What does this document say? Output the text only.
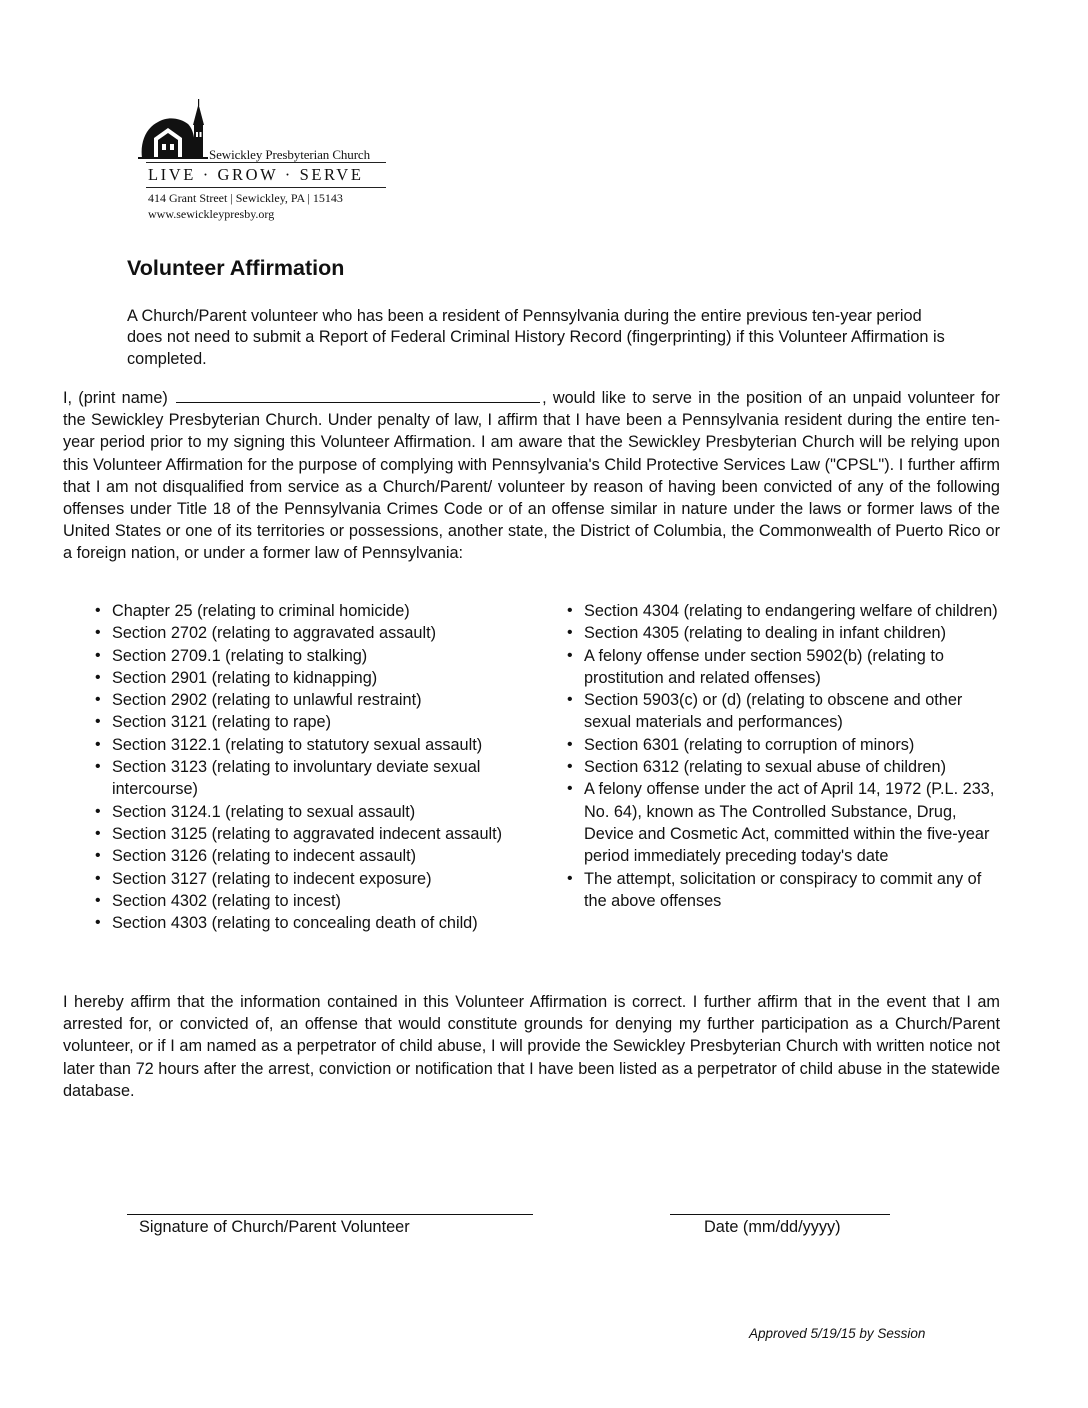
Sewickley Presbyterian Church
LIVE · GROW · SERVE
414 Grant Street | Sewickley, PA | 15143
www.sewickleypresby.org
Volunteer Affirmation
A Church/Parent volunteer who has been a resident of Pennsylvania during the entire previous ten-year period does not need to submit a Report of Federal Criminal History Record (fingerprinting) if this Volunteer Affirmation is completed.
I, (print name)	, would like to serve in the position of an unpaid volunteer for the Sewickley Presbyterian Church. Under penalty of law, I affirm that I have been a Pennsylvania resident during the entire ten-year period prior to my signing this Volunteer Affirmation. I am aware that the Sewickley Presbyterian Church will be relying upon this Volunteer Affirmation for the purpose of complying with Pennsylvania's Child Protective Services Law ("CPSL"). I further affirm that I am not disqualified from service as a Church/Parent/ volunteer by reason of having been convicted of any of the following offenses under Title 18 of the Pennsylvania Crimes Code or of an offense similar in nature under the laws or former laws of the United States or one of its territories or possessions, another state, the District of Columbia, the Commonwealth of Puerto Rico or a foreign nation, or under a former law of Pennsylvania:
• Chapter 25 (relating to criminal homicide)
• Section 2702 (relating to aggravated assault)
• Section 2709.1 (relating to stalking)
• Section 2901 (relating to kidnapping)
• Section 2902 (relating to unlawful restraint)
• Section 3121 (relating to rape)
• Section 3122.1 (relating to statutory sexual assault)
• Section 3123 (relating to involuntary deviate sexual intercourse)
• Section 3124.1 (relating to sexual assault)
• Section 3125 (relating to aggravated indecent assault)
• Section 3126 (relating to indecent assault)
• Section 3127 (relating to indecent exposure)
• Section 4302 (relating to incest)
• Section 4303 (relating to concealing death of child)
• Section 4304 (relating to endangering welfare of children)
• Section 4305 (relating to dealing in infant children)
• A felony offense under section 5902(b) (relating to prostitution and related offenses)
• Section 5903(c) or (d) (relating to obscene and other sexual materials and performances)
• Section 6301 (relating to corruption of minors)
• Section 6312 (relating to sexual abuse of children)
• A felony offense under the act of April 14, 1972 (P.L. 233, No. 64), known as The Controlled Substance, Drug, Device and Cosmetic Act, committed within the five-year period immediately preceding today's date
• The attempt, solicitation or conspiracy to commit any of the above offenses
I hereby affirm that the information contained in this Volunteer Affirmation is correct. I further affirm that in the event that I am arrested for, or convicted of, an offense that would constitute grounds for denying my further participation as a Church/Parent volunteer, or if I am named as a perpetrator of child abuse, I will provide the Sewickley Presbyterian Church with written notice not later than 72 hours after the arrest, conviction or notification that I have been listed as a perpetrator of child abuse in the statewide database.
Signature of Church/Parent Volunteer	Date (mm/dd/yyyy)
Approved 5/19/15 by Session
